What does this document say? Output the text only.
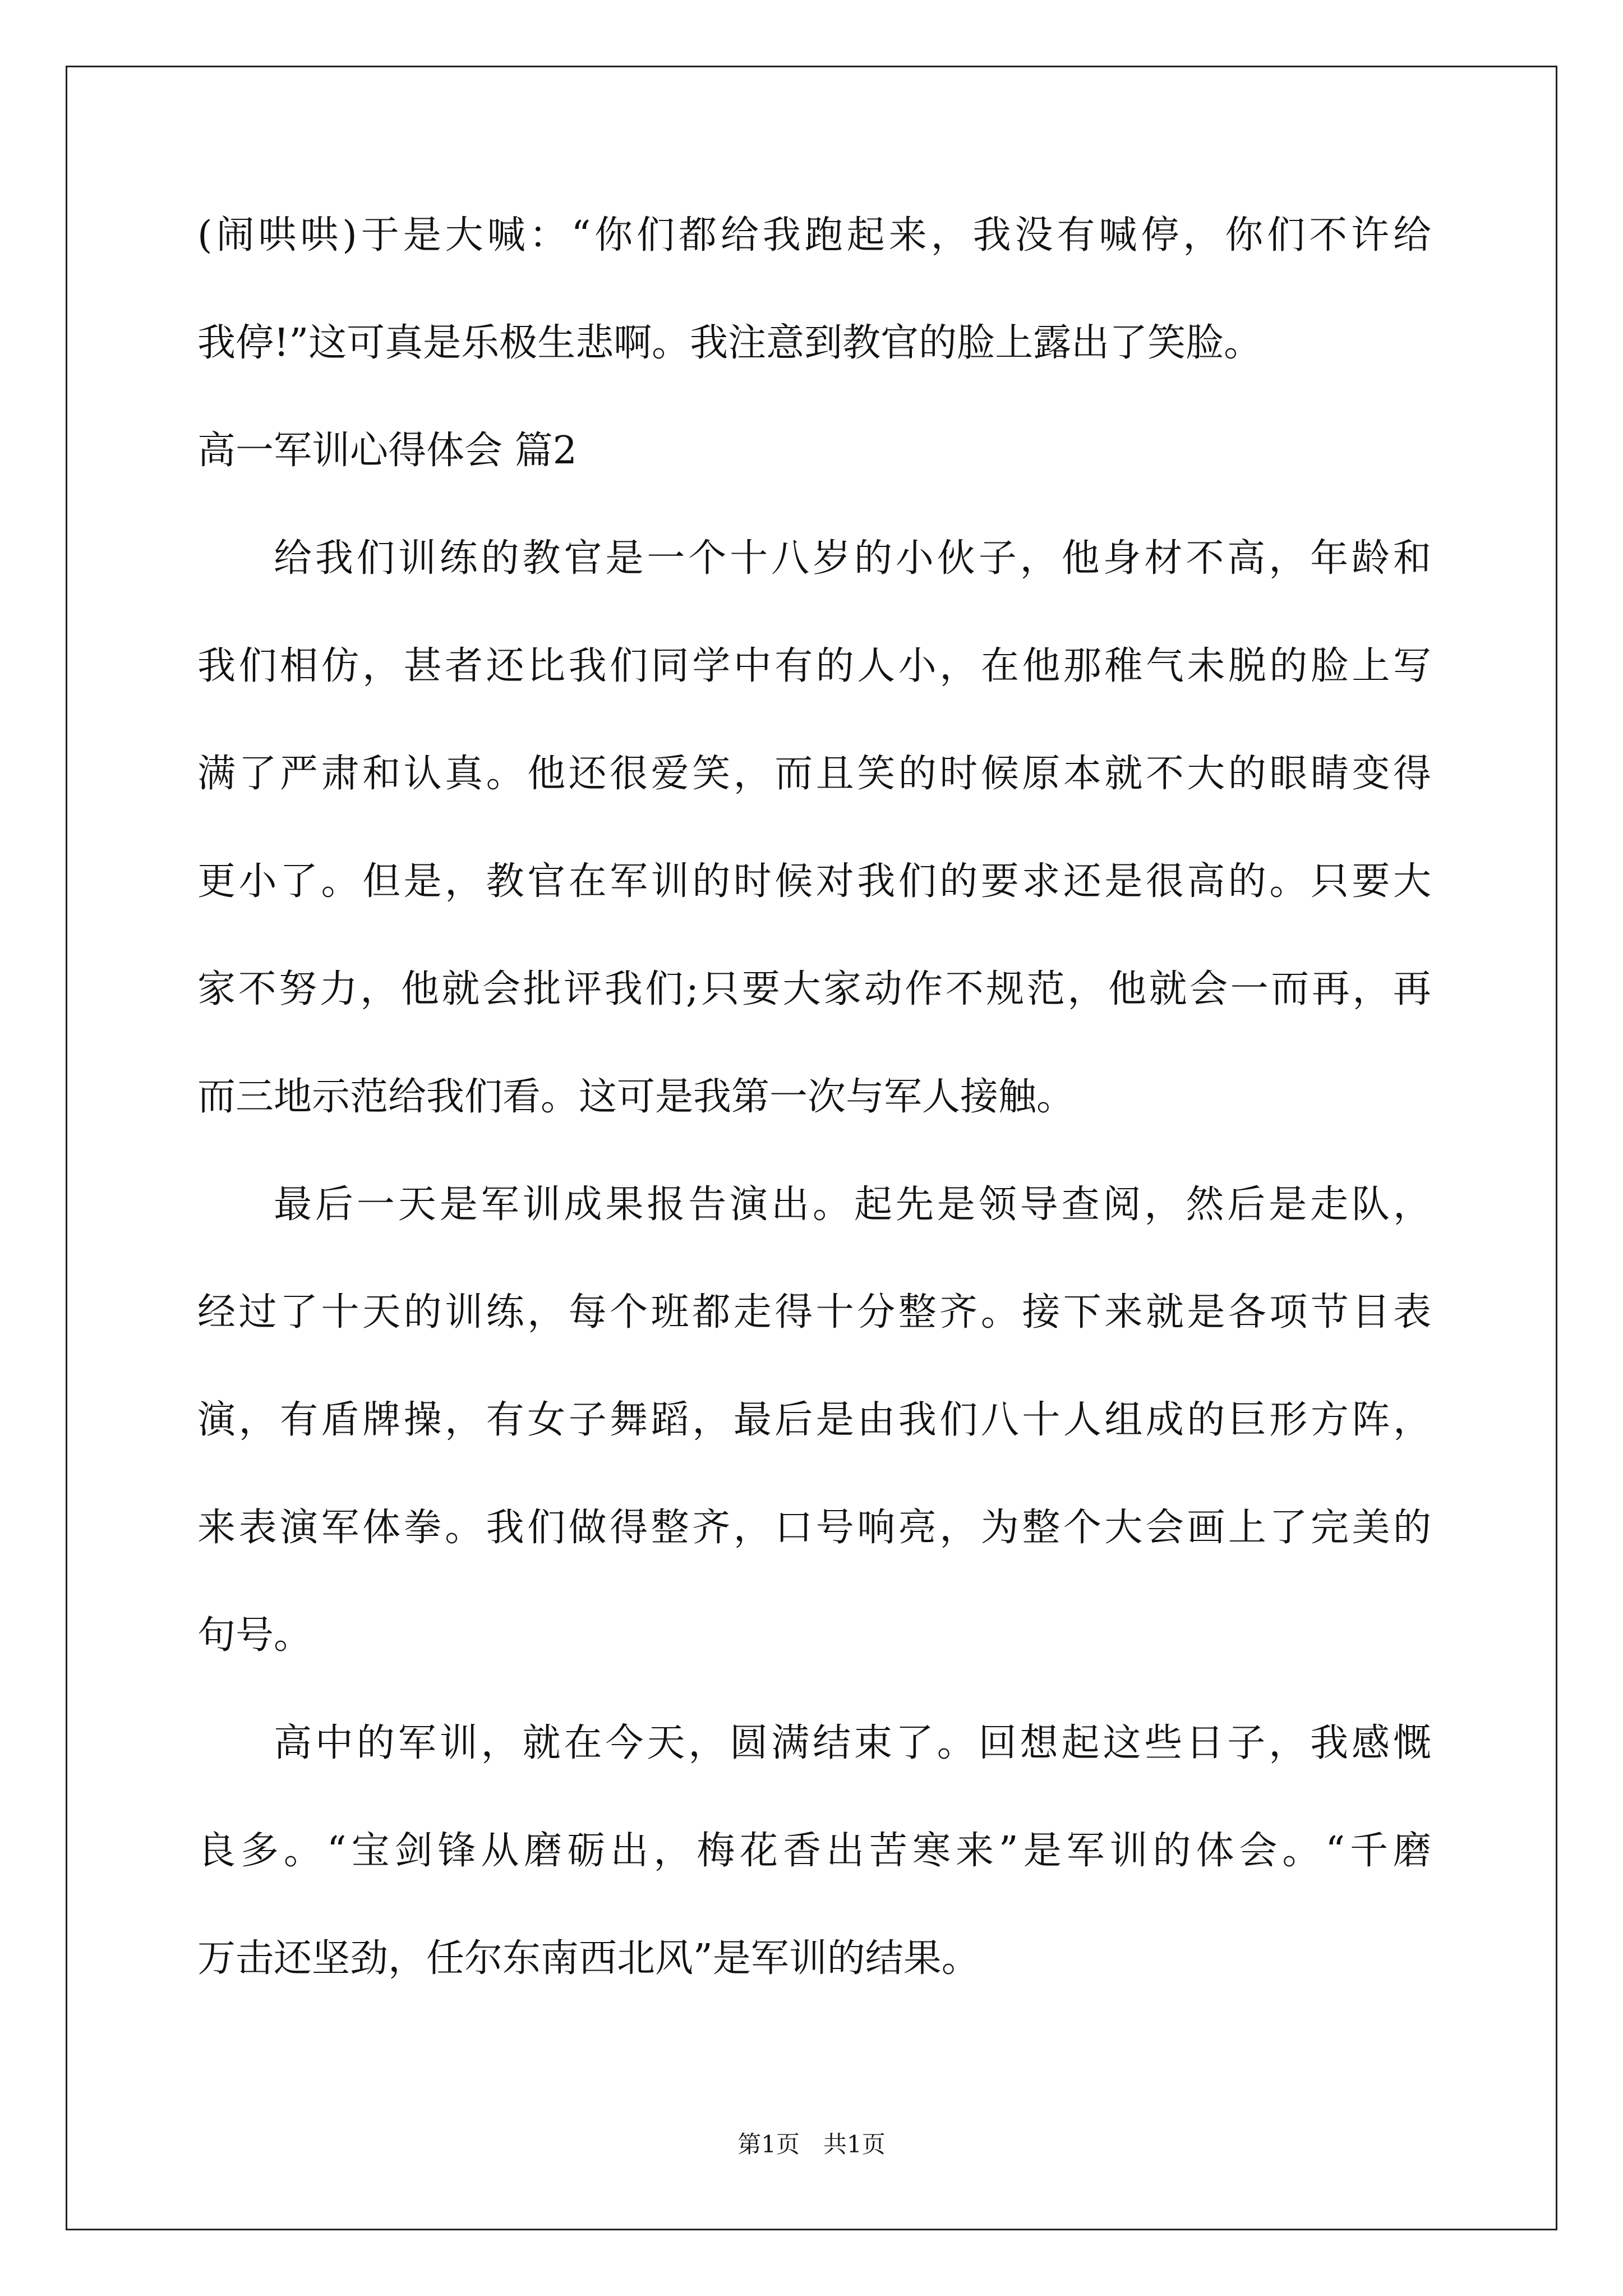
(闹哄哄)于是大喊：“你们都给我跑起来，我没有喊停，你们不许给
我停!”这可真是乐极生悲啊。我注意到教官的脸上露出了笑脸。
高一军训心得体会 篇2
给我们训练的教官是一个十八岁的小伙子，他身材不高，年龄和
我们相仿，甚者还比我们同学中有的人小，在他那稚气未脱的脸上写
满了严肃和认真。他还很爱笑，而且笑的时候原本就不大的眼睛变得
更小了。但是，教官在军训的时候对我们的要求还是很高的。只要大
家不努力，他就会批评我们;只要大家动作不规范，他就会一而再，再
而三地示范给我们看。这可是我第一次与军人接触。
最后一天是军训成果报告演出。起先是领导查阅，然后是走队，
经过了十天的训练，每个班都走得十分整齐。接下来就是各项节目表
演，有盾牌操，有女子舞蹈，最后是由我们八十人组成的巨形方阵，
来表演军体拳。我们做得整齐，口号响亮，为整个大会画上了完美的
句号。
高中的军训，就在今天，圆满结束了。回想起这些日子，我感慨
良多。“宝剑锋从磨砺出，梅花香出苦寒来”是军训的体会。“千磨
万击还坚劲，任尔东南西北风”是军训的结果。
第1页　共1页
